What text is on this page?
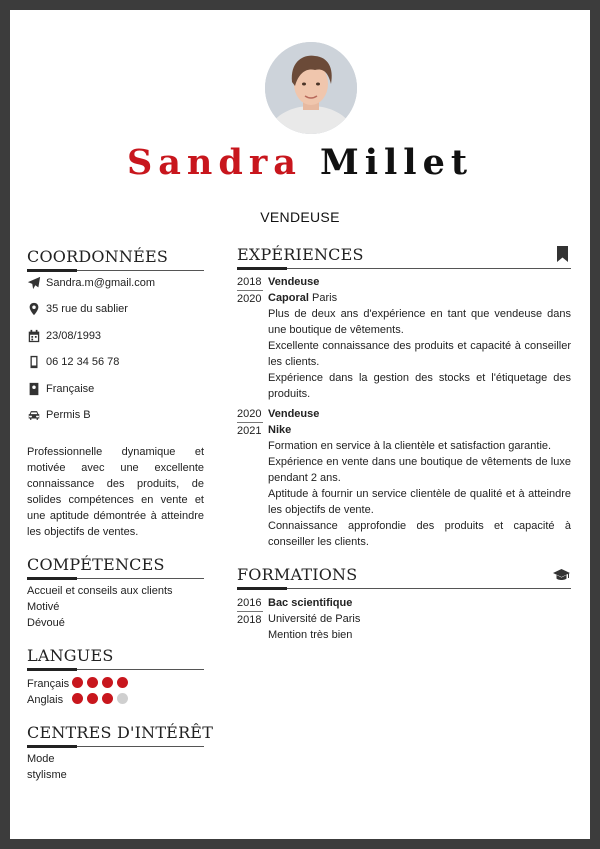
Sandra Millet
VENDEUSE
COORDONNÉES
Sandra.m@gmail.com
35 rue du sablier
23/08/1993
06 12 34 56 78
Française
Permis B
Professionnelle dynamique et motivée avec une excellente connaissance des produits, de solides compétences en vente et une aptitude démontrée à atteindre les objectifs de ventes.
COMPÉTENCES
Accueil et conseils aux clients
Motivé
Dévoué
LANGUES
Français
Anglais
CENTRES D'INTÉRÊT
Mode
stylisme
EXPÉRIENCES
2018
2020
Vendeuse
Caporal Paris

Plus de deux ans d'expérience en tant que vendeuse dans une boutique de vêtements.

Excellente connaissance des produits et capacité à conseiller les clients.

Expérience dans la gestion des stocks et l'étiquetage des produits.

2020
2021
Vendeuse
Nike

Formation en service à la clientèle et satisfaction garantie.

Expérience en vente dans une boutique de vêtements de luxe pendant 2 ans.

Aptitude à fournir un service clientèle de qualité et à atteindre les objectifs de vente.

Connaissance approfondie des produits et capacité à conseiller les clients.

FORMATIONS
2016
2018
Bac scientifique
Université de Paris
Mention très bien
